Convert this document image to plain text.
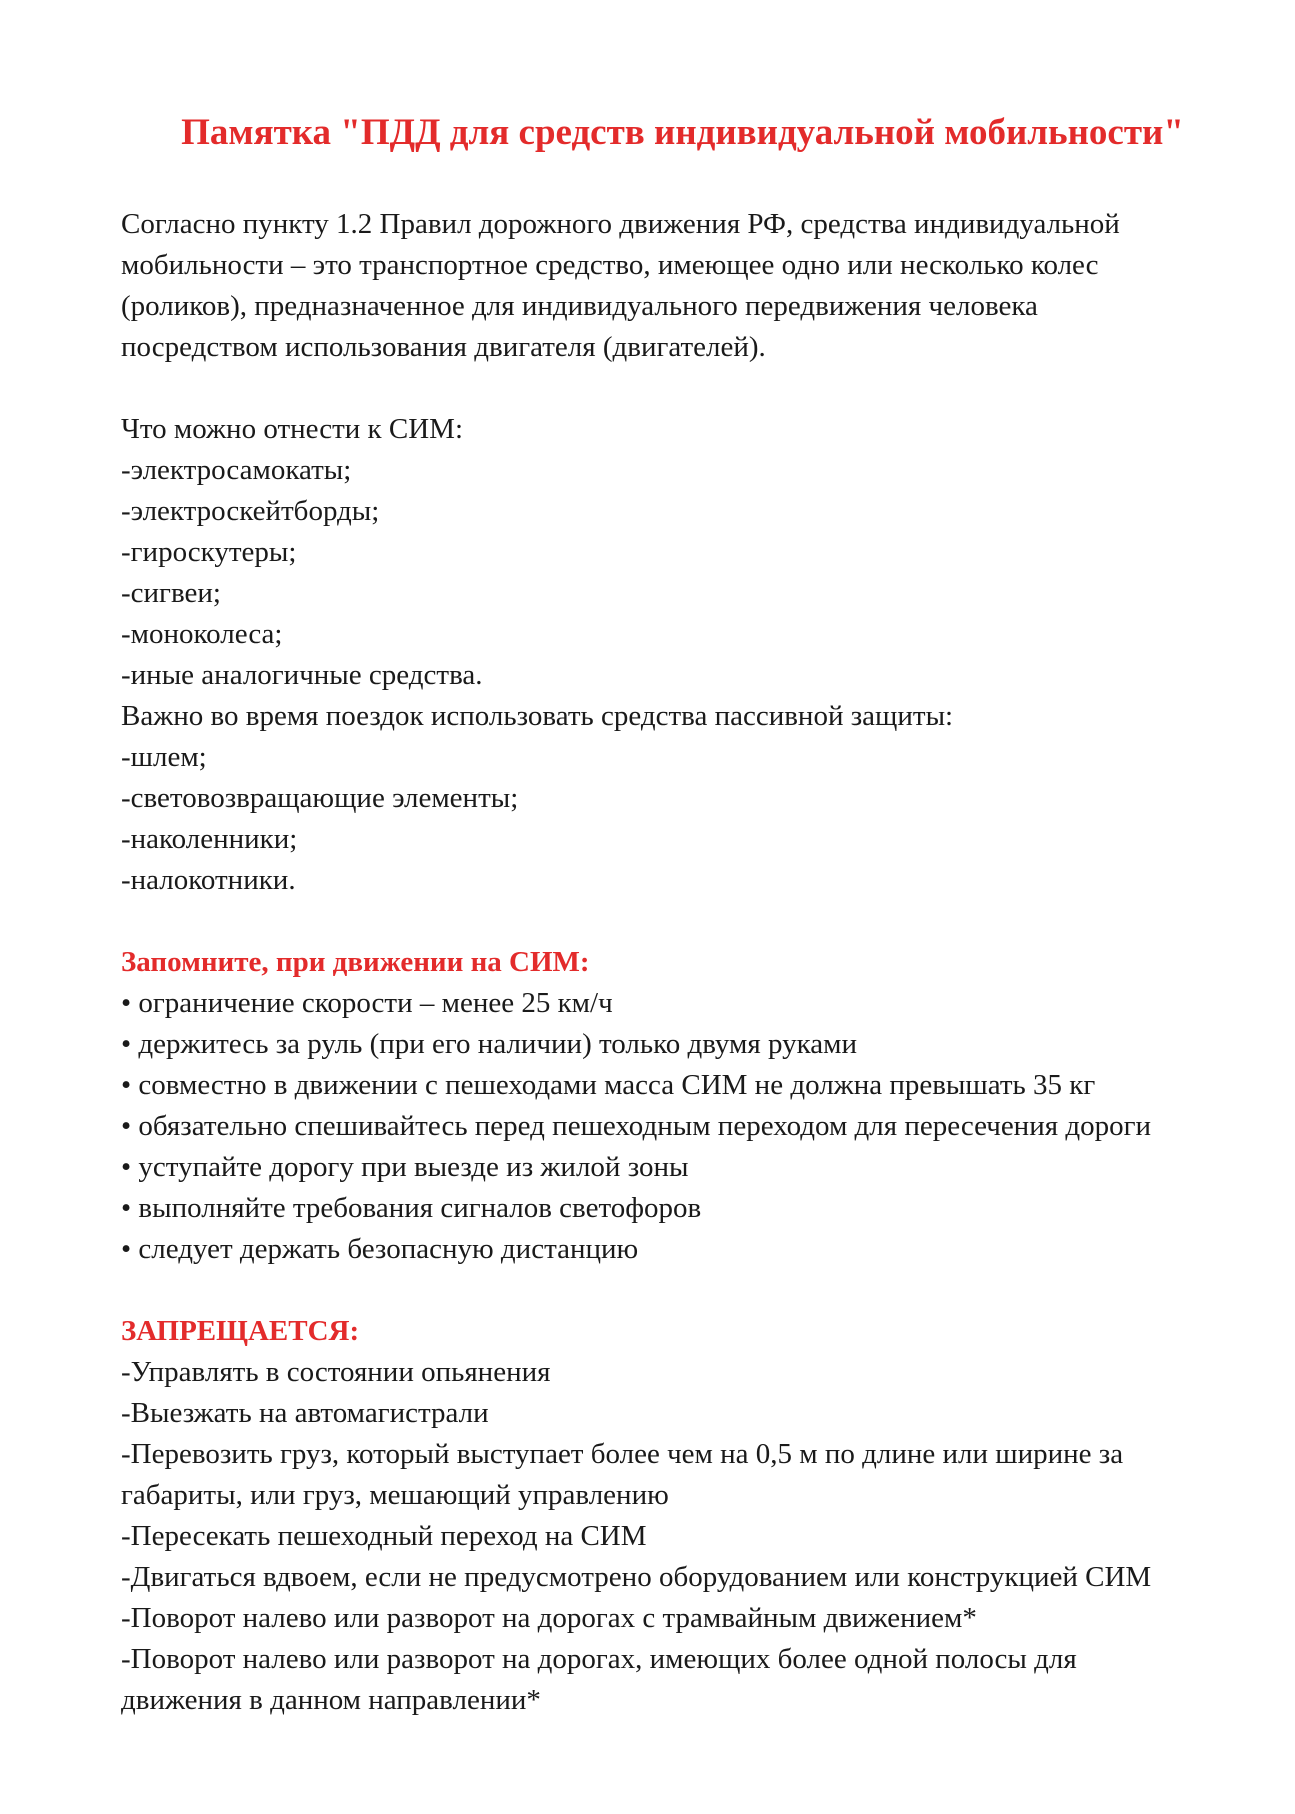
Памятка "ПДД для средств индивидуальной мобильности"

Согласно пункту 1.2 Правил дорожного движения РФ, средства индивидуальной

мобильности – это транспортное средство, имеющее одно или несколько колес

(роликов), предназначенное для индивидуального передвижения человека

посредством использования двигателя (двигателей).

Что можно отнести к СИМ:

-электросамокаты;
-электроскейтборды;
-гироскутеры;
-сигвеи;
-моноколеса;
-иные аналогичные средства.

Важно во время поездок использовать средства пассивной защиты:

-шлем;
-световозвращающие элементы;
-наколенники;
-налокотники.

Запомните, при движении на СИМ:

• ограничение скорости – менее 25 км/ч
• держитесь за руль (при его наличии) только двумя руками
• совместно в движении с пешеходами масса СИМ не должна превышать 35 кг
• обязательно спешивайтесь перед пешеходным переходом для пересечения дороги
• уступайте дорогу при выезде из жилой зоны
• выполняйте требования сигналов светофоров
• следует держать безопасную дистанцию

ЗАПРЕЩАЕТСЯ:

-Управлять в состоянии опьянения
-Выезжать на автомагистрали
-Перевозить груз, который выступает более чем на 0,5 м по длине или ширине за
габариты, или груз, мешающий управлению
-Пересекать пешеходный переход на СИМ
-Двигаться вдвоем, если не предусмотрено оборудованием или конструкцией СИМ
-Поворот налево или разворот на дорогах с трамвайным движением*
-Поворот налево или разворот на дорогах, имеющих более одной полосы для
движения в данном направлении*
